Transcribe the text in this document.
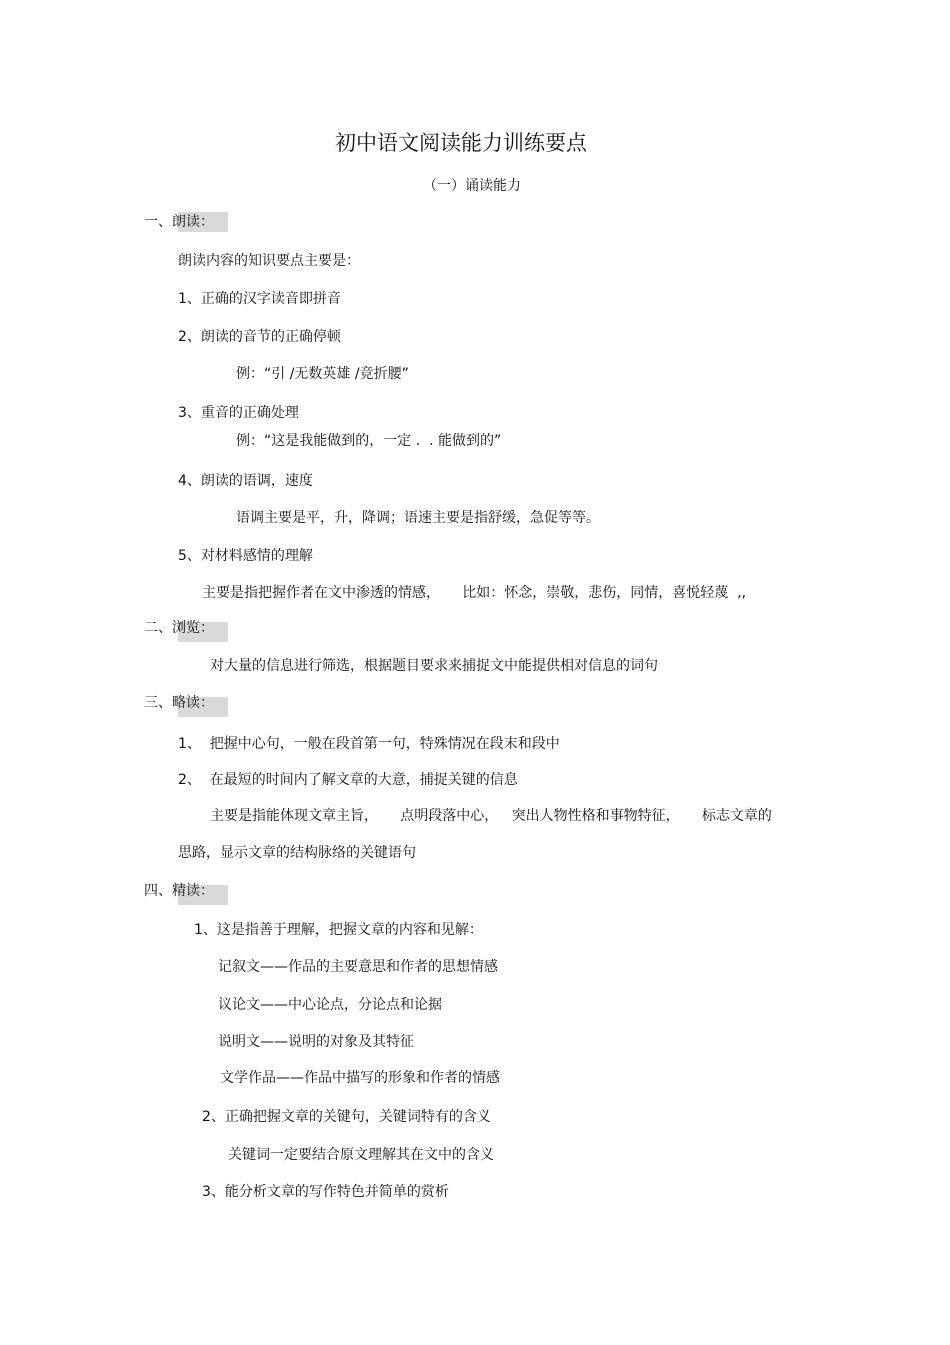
初中语文阅读能力训练要点
（一）诵读能力
一、朗读：
朗读内容的知识要点主要是：
1、正确的汉字读音即拼音
2、朗读的音节的正确停顿
例：“引 /无数英雄 /竞折腰”
3、重音的正确处理
例：“这是我能做到的，一定 .  . 能做到的”
4、朗读的语调，速度
语调主要是平，升，降调；语速主要是指舒缓，急促等等。
5、对材料感情的理解
主要是指把握作者在文中渗透的情感，     比如：怀念，崇敬，悲伤，同情，喜悦轻蔑  ,,
二、浏览：
对大量的信息进行筛选，根据题目要求来捕捉文中能提供相对信息的词句
三、略读：
1、  把握中心句，一般在段首第一句，特殊情况在段末和段中
2、  在最短的时间内了解文章的大意，捕捉关键的信息
主要是指能体现文章主旨，     点明段落中心，   突出人物性格和事物特征，     标志文章的
思路，显示文章的结构脉络的关键语句
四、精读：
1、这是指善于理解，把握文章的内容和见解：
记叙文——作品的主要意思和作者的思想情感
议论文——中心论点，分论点和论据
说明文——说明的对象及其特征
文学作品——作品中描写的形象和作者的情感
2、正确把握文章的关键句，关键词特有的含义
关键词一定要结合原文理解其在文中的含义
3、能分析文章的写作特色并简单的赏析
